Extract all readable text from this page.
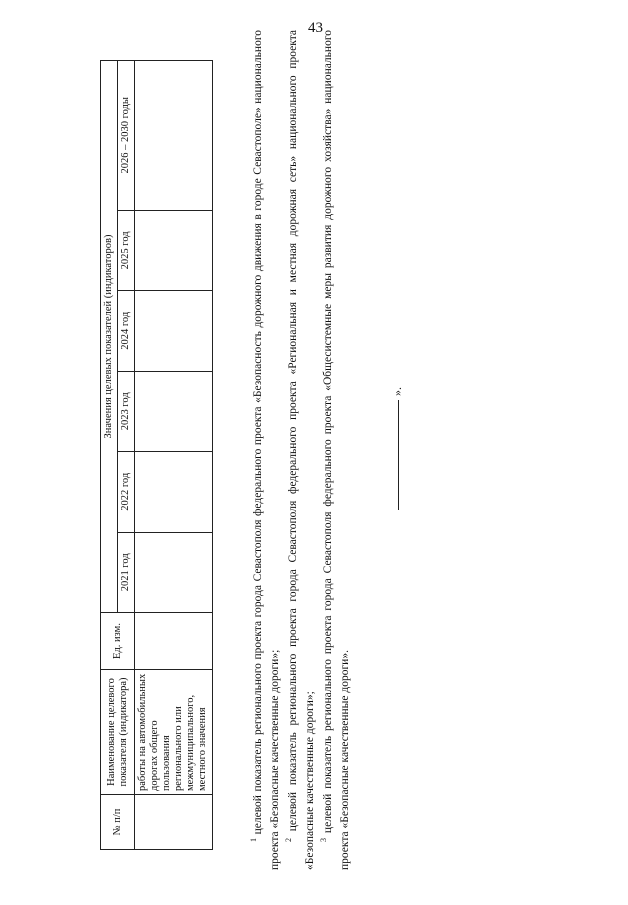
43
№ п/п	Наименование целевого показателя (индикатора)	Ед. изм.	Значения целевых показателей (индикаторов)					
			2021 год	2022 год	2023 год	2024 год	2025 год	2026 – 2030 годы
	работы на автомобильных дорогах общего пользования регионального или межмуниципального, местного значения							

$^1$ целевой показатель регионального проекта города Севастополя федерального проекта «Безопасность дорожного движения в городе Севастополе» национального проекта «Безопасные качественные дороги»; $^2$ целевой показатель регионального проекта города Севастополя федерального проекта «Региональная и местная дорожная сеть» национального проекта «Безопасные качественные дороги»; $^3$ целевой показатель регионального проекта города Севастополя федерального проекта «Общесистемные меры развития дорожного хозяйства» национального проекта «Безопасные качественные дороги».

».
